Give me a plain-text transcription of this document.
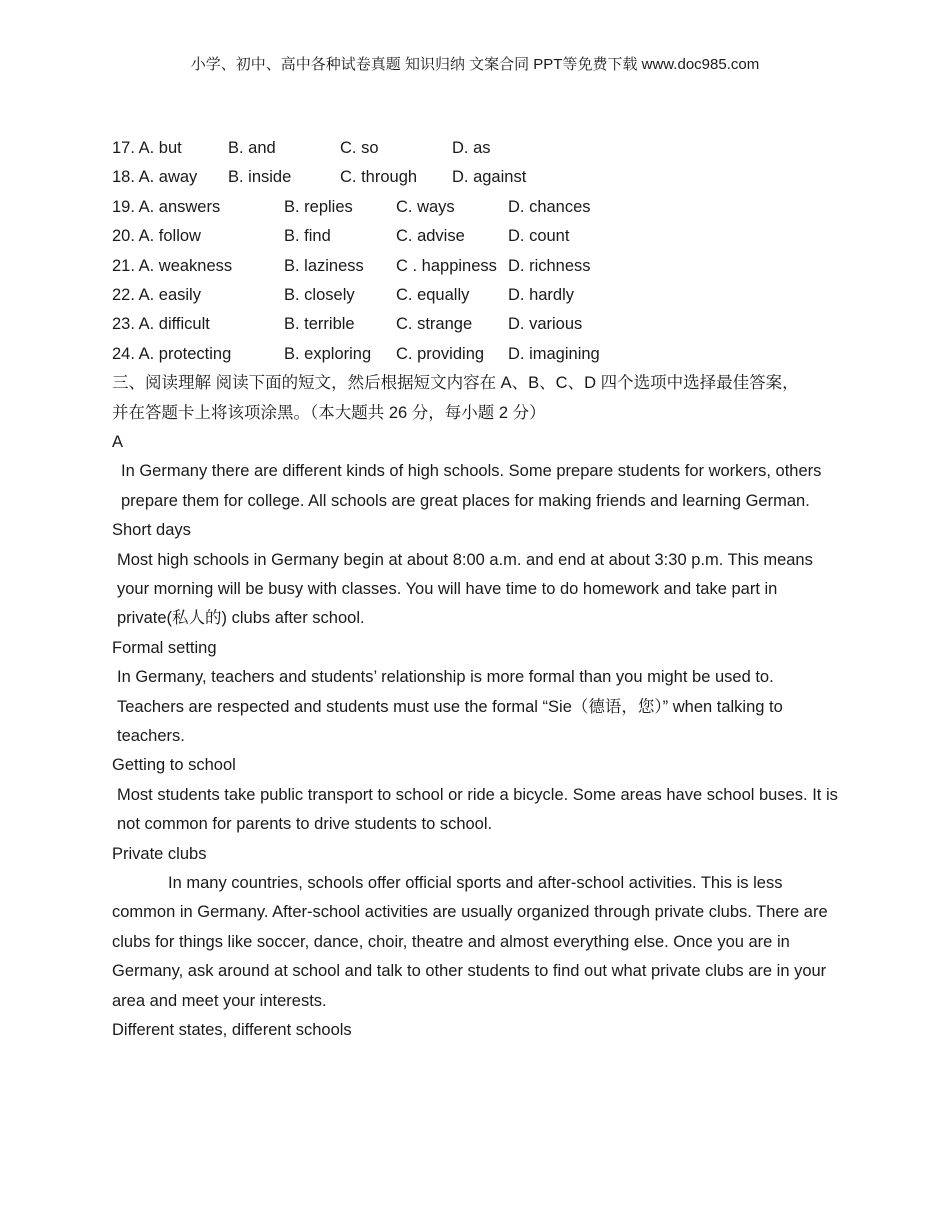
小学、初中、高中各种试卷真题 知识归纳 文案合同 PPT等免费下载 www.doc985.com
17. A. but	B. and	C. so	D. as
18. A. away B. inside	C. through D. against
19. A. answers	B. replies	C. ways	D. chances
20. A. follow	B. find	C. advise	D. count
21. A. weakness	B. laziness C . happiness D. richness
22. A. easily	B. closely	C. equally D. hardly
23. A. difficult	B. terrible	C. strange D. various
24. A. protecting	B. exploring C. providing D. imagining
三、阅读理解 阅读下面的短文，然后根据短文内容在 A、B、C、D 四个选项中选择最佳答案，
并在答题卡上将该项涂黑。（本大题共 26 分，每小题 2 分）
A
In Germany there are different kinds of high schools. Some prepare students for workers, others prepare them for college. All schools are great places for making friends and learning German.
Short days
Most high schools in Germany begin at about 8:00 a.m. and end at about 3:30 p.m. This means your morning will be busy with classes. You will have time to do homework and take part in private(私人的) clubs after school.
Formal setting
In Germany, teachers and students’ relationship is more formal than you might be used to. Teachers are respected and students must use the formal “Sie（德语，您）” when talking to teachers.
Getting to school
Most students take public transport to school or ride a bicycle. Some areas have school buses. It is not common for parents to drive students to school.
Private clubs
In many countries, schools offer official sports and after-school activities. This is less common in Germany. After-school activities are usually organized through private clubs. There are clubs for things like soccer, dance, choir, theatre and almost everything else. Once you are in Germany, ask around at school and talk to other students to find out what private clubs are in your area and meet your interests.
Different states, different schools
